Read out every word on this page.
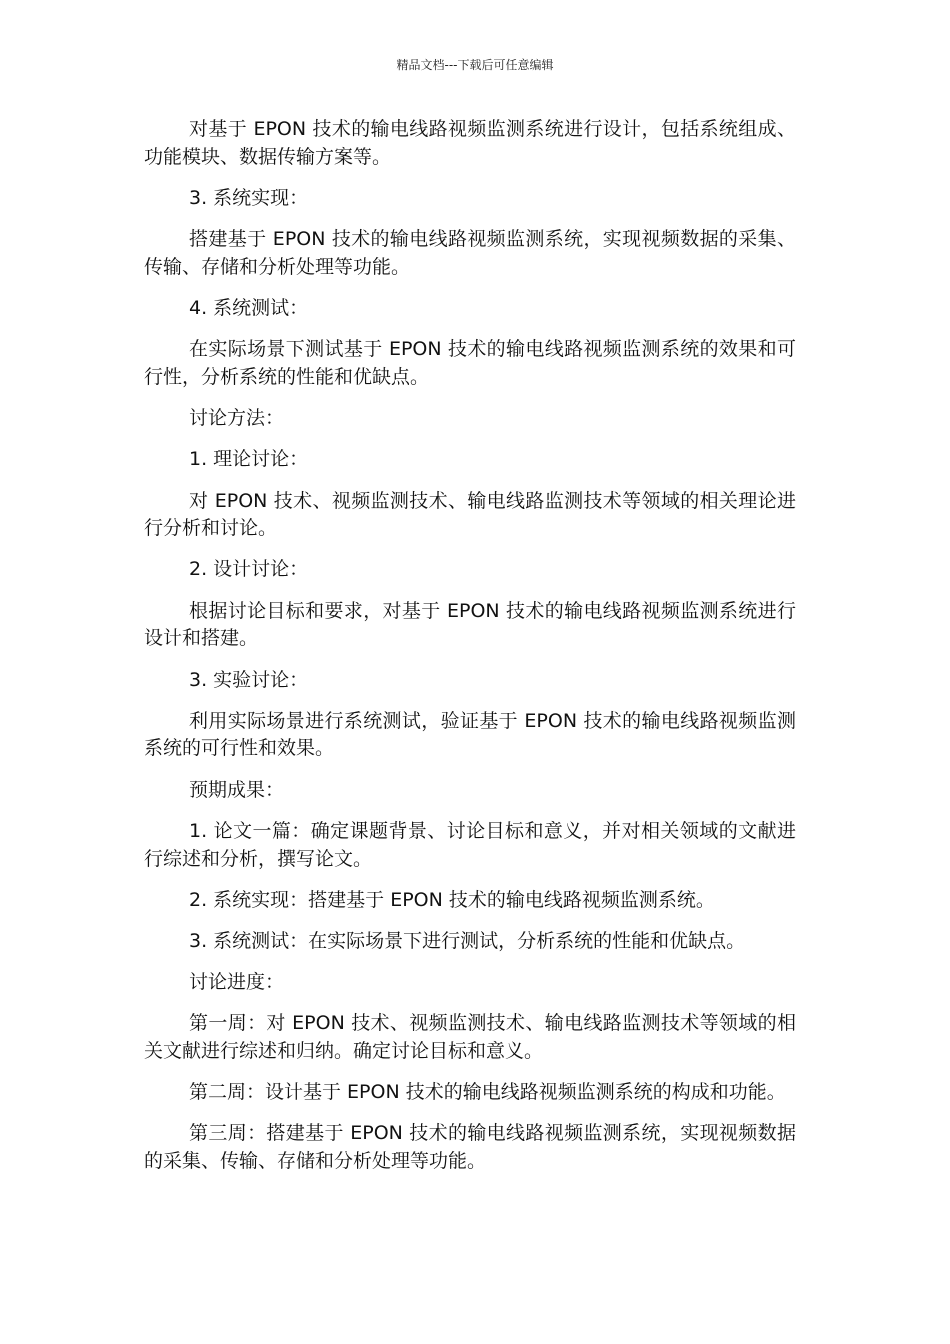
精品文档---下载后可任意编辑

对基于 EPON 技术的输电线路视频监测系统进行设计，包括系统组成、功能模块、数据传输方案等。

3. 系统实现：

搭建基于 EPON 技术的输电线路视频监测系统，实现视频数据的采集、传输、存储和分析处理等功能。

4. 系统测试：

在实际场景下测试基于 EPON 技术的输电线路视频监测系统的效果和可行性，分析系统的性能和优缺点。

讨论方法：

1. 理论讨论：

对 EPON 技术、视频监测技术、输电线路监测技术等领域的相关理论进行分析和讨论。

2. 设计讨论：

根据讨论目标和要求，对基于 EPON 技术的输电线路视频监测系统进行设计和搭建。

3. 实验讨论：

利用实际场景进行系统测试，验证基于 EPON 技术的输电线路视频监测系统的可行性和效果。

预期成果：

1. 论文一篇：确定课题背景、讨论目标和意义，并对相关领域的文献进行综述和分析，撰写论文。

2. 系统实现：搭建基于 EPON 技术的输电线路视频监测系统。

3. 系统测试：在实际场景下进行测试，分析系统的性能和优缺点。

讨论进度：

第一周：对 EPON 技术、视频监测技术、输电线路监测技术等领域的相关文献进行综述和归纳。确定讨论目标和意义。

第二周：设计基于 EPON 技术的输电线路视频监测系统的构成和功能。

第三周：搭建基于 EPON 技术的输电线路视频监测系统，实现视频数据的采集、传输、存储和分析处理等功能。
